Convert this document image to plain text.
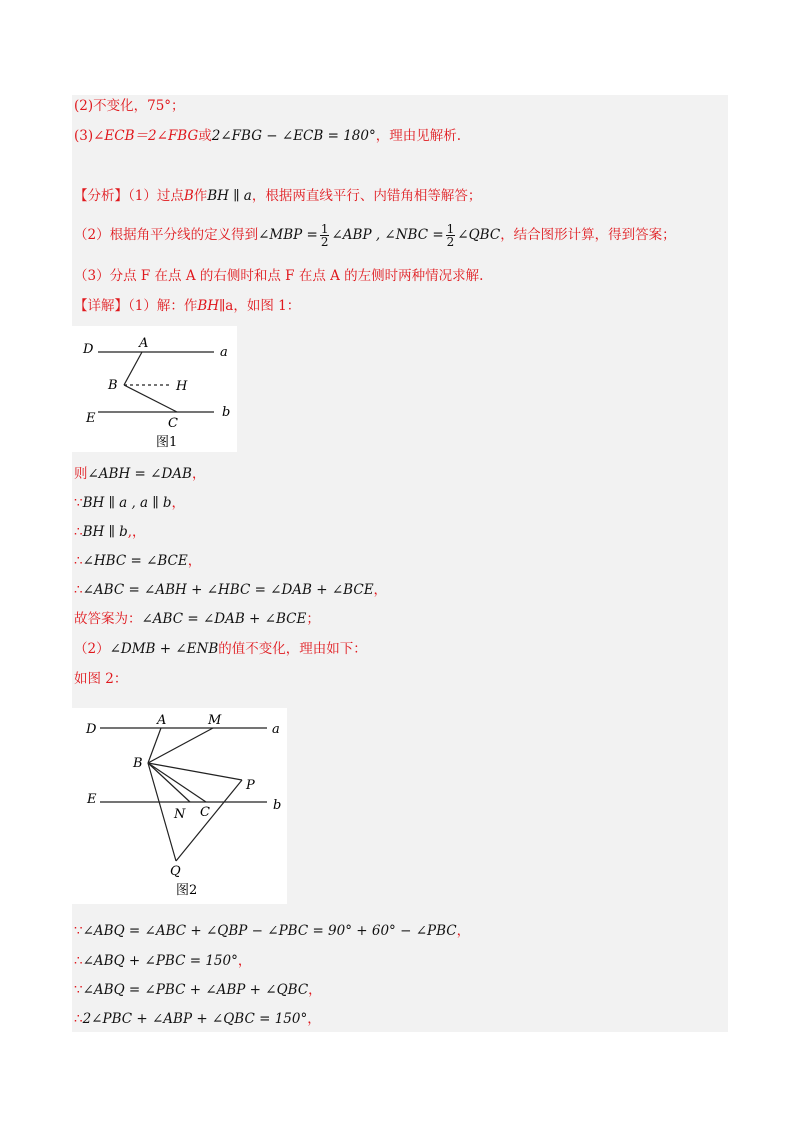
(2)不变化，75°；
(3)∠ECB＝2∠FBG或2∠FBG − ∠ECB = 180°，理由见解析.
【分析】（1）过点B作BH ∥ a，根据两直线平行、内错角相等解答；
（2）根据角平分线的定义得到∠MBP = $\frac{1}{2}$ ∠ABP , ∠NBC = $\frac{1}{2}$ ∠QBC，结合图形计算，得到答案；
（3）分点 F 在点 A 的右侧时和点 F 在点 A 的左侧时两种情况求解.
【详解】（1）解：作BH∥a，如图 1：
D	A
a
B	H
E	C
b
图1
则∠ABH = ∠DAB，
∵BH ∥ a , a ∥ b，
∴BH ∥ b,，
∴∠HBC = ∠BCE，
∴∠ABC = ∠ABH + ∠HBC = ∠DAB + ∠BCE，
故答案为：∠ABC = ∠DAB + ∠BCE；
（2）∠DMB + ∠ENB的值不变化，理由如下：
如图 2：
D
A	M
a
B
P
E
N C	b
Q
图2
∵∠ABQ = ∠ABC + ∠QBP − ∠PBC = 90° + 60° − ∠PBC，
∴∠ABQ + ∠PBC = 150°，
∵∠ABQ = ∠PBC + ∠ABP + ∠QBC，
∴2∠PBC + ∠ABP + ∠QBC = 150°，
